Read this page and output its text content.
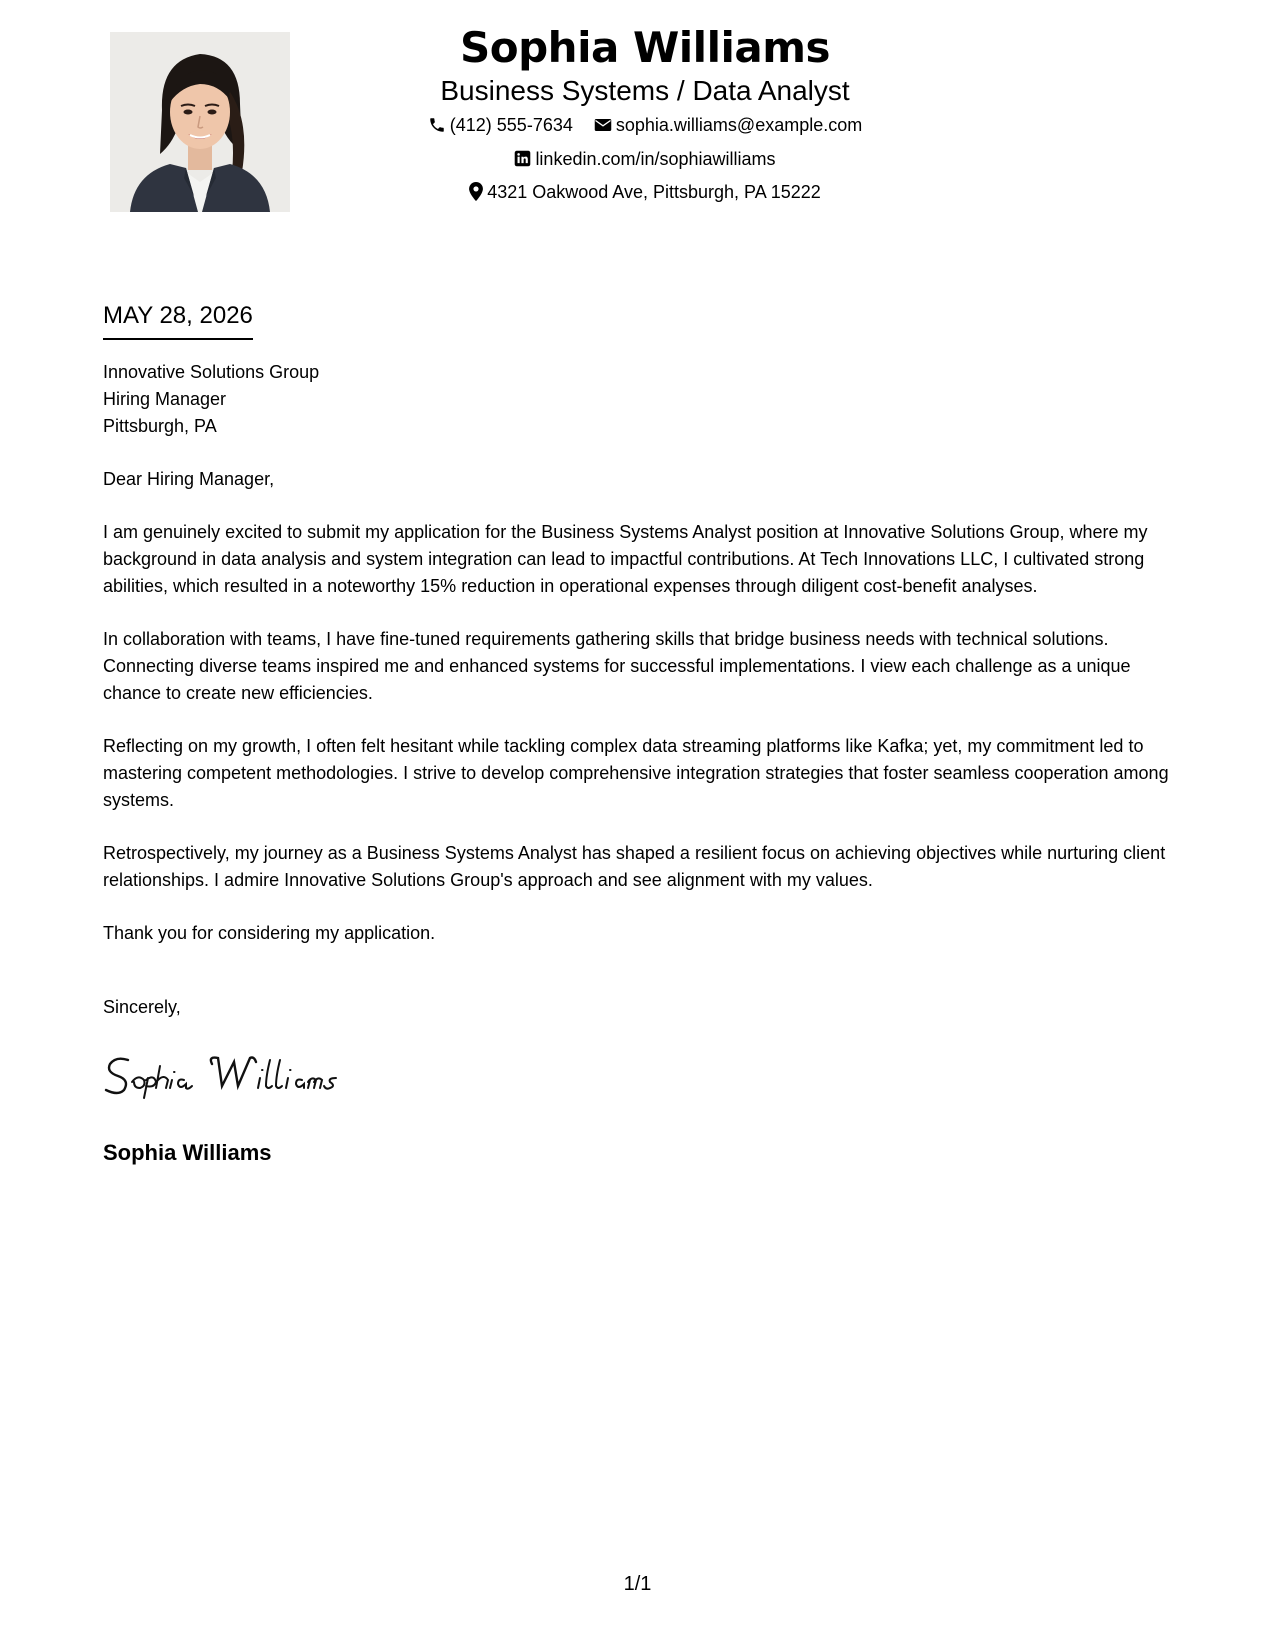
Sophia Williams
Business Systems / Data Analyst
(412) 555-7634
sophia.williams@example.com
linkedin.com/in/sophiawilliams
4321 Oakwood Ave, Pittsburgh, PA 15222
MAY 28, 2026
Innovative Solutions Group
Hiring Manager
Pittsburgh, PA

Dear Hiring Manager,

I am genuinely excited to submit my application for the Business Systems Analyst position at Innovative Solutions Group, where my background in data analysis and system integration can lead to impactful contributions. At Tech Innovations LLC, I cultivated strong abilities, which resulted in a noteworthy 15% reduction in operational expenses through diligent cost-benefit analyses.

In collaboration with teams, I have fine-tuned requirements gathering skills that bridge business needs with technical solutions. Connecting diverse teams inspired me and enhanced systems for successful implementations. I view each challenge as a unique chance to create new efficiencies.

Reflecting on my growth, I often felt hesitant while tackling complex data streaming platforms like Kafka; yet, my commitment led to mastering competent methodologies. I strive to develop comprehensive integration strategies that foster seamless cooperation among systems.

Retrospectively, my journey as a Business Systems Analyst has shaped a resilient focus on achieving objectives while nurturing client relationships. I admire Innovative Solutions Group's approach and see alignment with my values.

Thank you for considering my application.

Sincerely,
Sophia Williams
1/1
